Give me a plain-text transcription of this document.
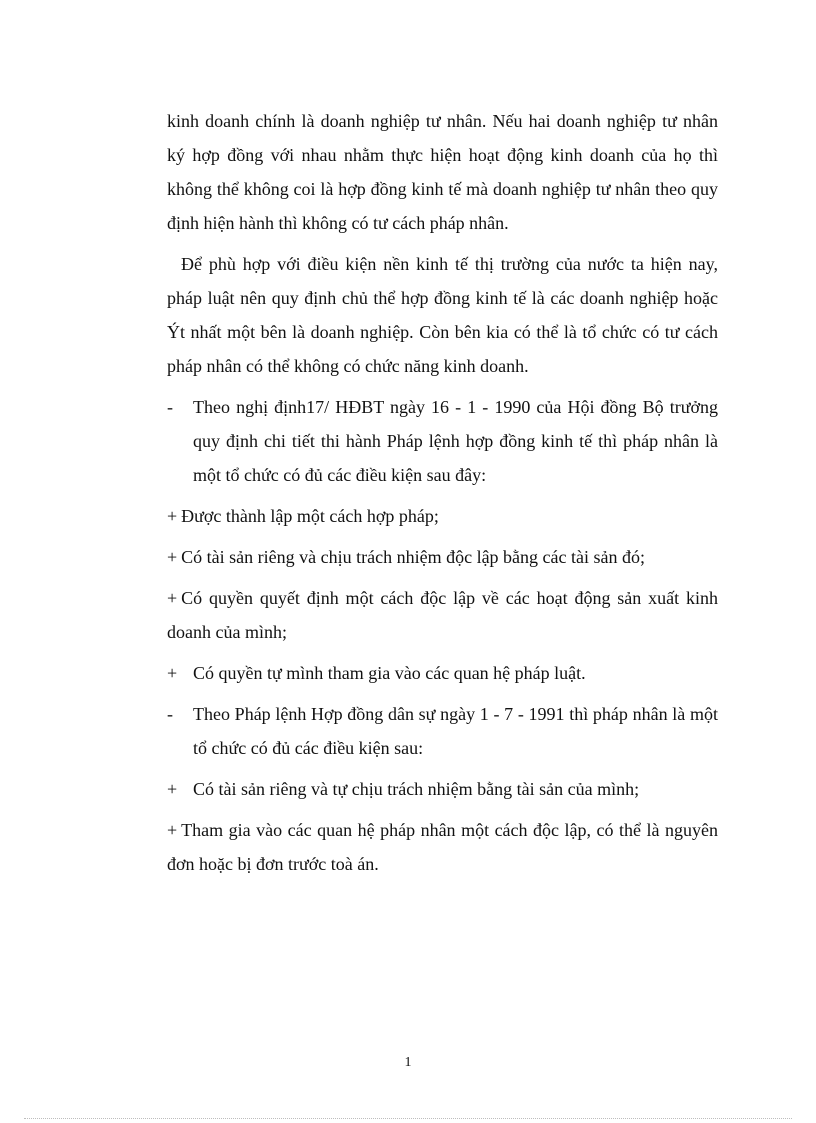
kinh doanh chính là doanh nghiệp tư nhân. Nếu hai doanh nghiệp tư nhân ký hợp đồng với nhau nhằm thực hiện hoạt động kinh doanh của họ thì không thể không coi là hợp đồng kinh tế mà doanh nghiệp tư nhân theo quy định hiện hành thì không có tư cách pháp nhân.

Để phù hợp với điều kiện nền kinh tế thị trường của nước ta hiện nay, pháp luật nên quy định chủ thể hợp đồng kinh tế là các doanh nghiệp hoặc Ýt nhất một bên là doanh nghiệp. Còn bên kia có thể là tổ chức có tư cách pháp nhân có thể không có chức năng kinh doanh.

- Theo nghị định17/ HĐBT ngày 16 - 1 - 1990 của Hội đồng Bộ trưởng quy định chi tiết thi hành Pháp lệnh hợp đồng kinh tế thì pháp nhân là một tổ chức có đủ các điều kiện sau đây:
+ Được thành lập một cách hợp pháp;
+ Có tài sản riêng và chịu trách nhiệm độc lập bằng các tài sản đó;
+ Có quyền quyết định một cách độc lập về các hoạt động sản xuất kinh doanh của mình;
+ Có quyền tự mình tham gia vào các quan hệ pháp luật.
- Theo Pháp lệnh Hợp đồng dân sự ngày 1 - 7 - 1991 thì pháp nhân là một tổ chức có đủ các điều kiện sau:
+ Có tài sản riêng và tự chịu trách nhiệm bằng tài sản của mình;
+ Tham gia vào các quan hệ pháp nhân một cách độc lập, có thể là nguyên đơn hoặc bị đơn trước toà án.
1
